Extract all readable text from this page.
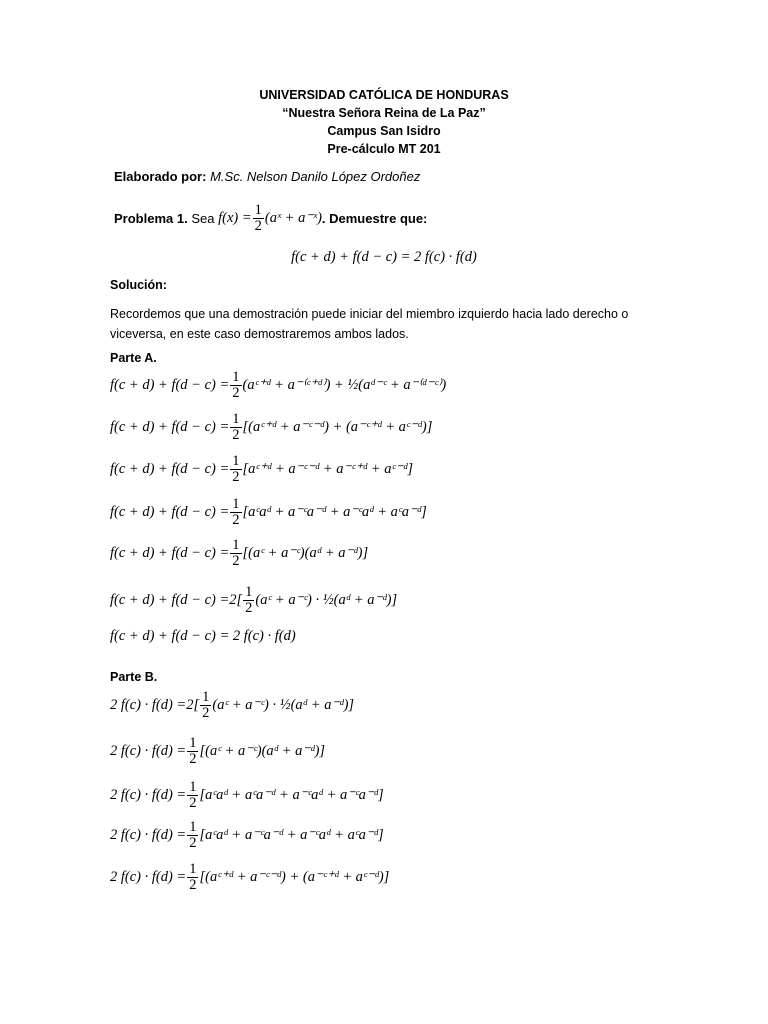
UNIVERSIDAD CATÓLICA DE HONDURAS
“Nuestra Señora Reina de La Paz”
Campus San Isidro
Pre-cálculo MT 201
Elaborado por: M.Sc. Nelson Danilo López Ordoñez
Problema 1.
Sea
$f(x) = \frac{1}{2}$ (aˣ + a⁻ˣ) . Demuestre que:
f(c + d) + f(d − c) = 2 f(c) · f(d)
Solución:
Recordemos que una demostración puede iniciar del miembro izquierdo hacia lado derecho o viceversa, en este caso demostraremos ambos lados.
Parte A.
$f(c + d) + f(d - c) = \frac{1}{2}$ (aᶜ⁺ᵈ + a⁻⁽ᶜ⁺ᵈ⁾) + ½(aᵈ⁻ᶜ + a⁻⁽ᵈ⁻ᶜ⁾)
$f(c + d) + f(d - c) = \frac{1}{2}$ [(aᶜ⁺ᵈ + a⁻ᶜ⁻ᵈ) + (a⁻ᶜ⁺ᵈ + aᶜ⁻ᵈ)]
$f(c + d) + f(d - c) = \frac{1}{2}$ [aᶜ⁺ᵈ + a⁻ᶜ⁻ᵈ + a⁻ᶜ⁺ᵈ + aᶜ⁻ᵈ]
$f(c + d) + f(d - c) = \frac{1}{2}$ [aᶜaᵈ + a⁻ᶜa⁻ᵈ + a⁻ᶜaᵈ + aᶜa⁻ᵈ]
$f(c + d) + f(d - c) = \frac{1}{2}$ [(aᶜ + a⁻ᶜ)(aᵈ + a⁻ᵈ)]
$f(c + d) + f(d - c) = 2[ \frac{1}{2}$ (aᶜ + a⁻ᶜ) · ½(aᵈ + a⁻ᵈ)]
f(c + d) + f(d − c) = 2 f(c) · f(d)
Parte B.
2 $f(c) \cdot f(d) = 2[ \frac{1}{2}$ (aᶜ + a⁻ᶜ) · ½(aᵈ + a⁻ᵈ)]
2 $f(c) \cdot f(d) = \frac{1}{2}$ [(aᶜ + a⁻ᶜ)(aᵈ + a⁻ᵈ)]
2 $f(c) \cdot f(d) = \frac{1}{2}$ [aᶜaᵈ + aᶜa⁻ᵈ + a⁻ᶜaᵈ + a⁻ᶜa⁻ᵈ]
2 $f(c) \cdot f(d) = \frac{1}{2}$ [aᶜaᵈ + a⁻ᶜa⁻ᵈ + a⁻ᶜaᵈ + aᶜa⁻ᵈ]
2 $f(c) \cdot f(d) = \frac{1}{2}$ [(aᶜ⁺ᵈ + a⁻ᶜ⁻ᵈ) + (a⁻ᶜ⁺ᵈ + aᶜ⁻ᵈ)]
